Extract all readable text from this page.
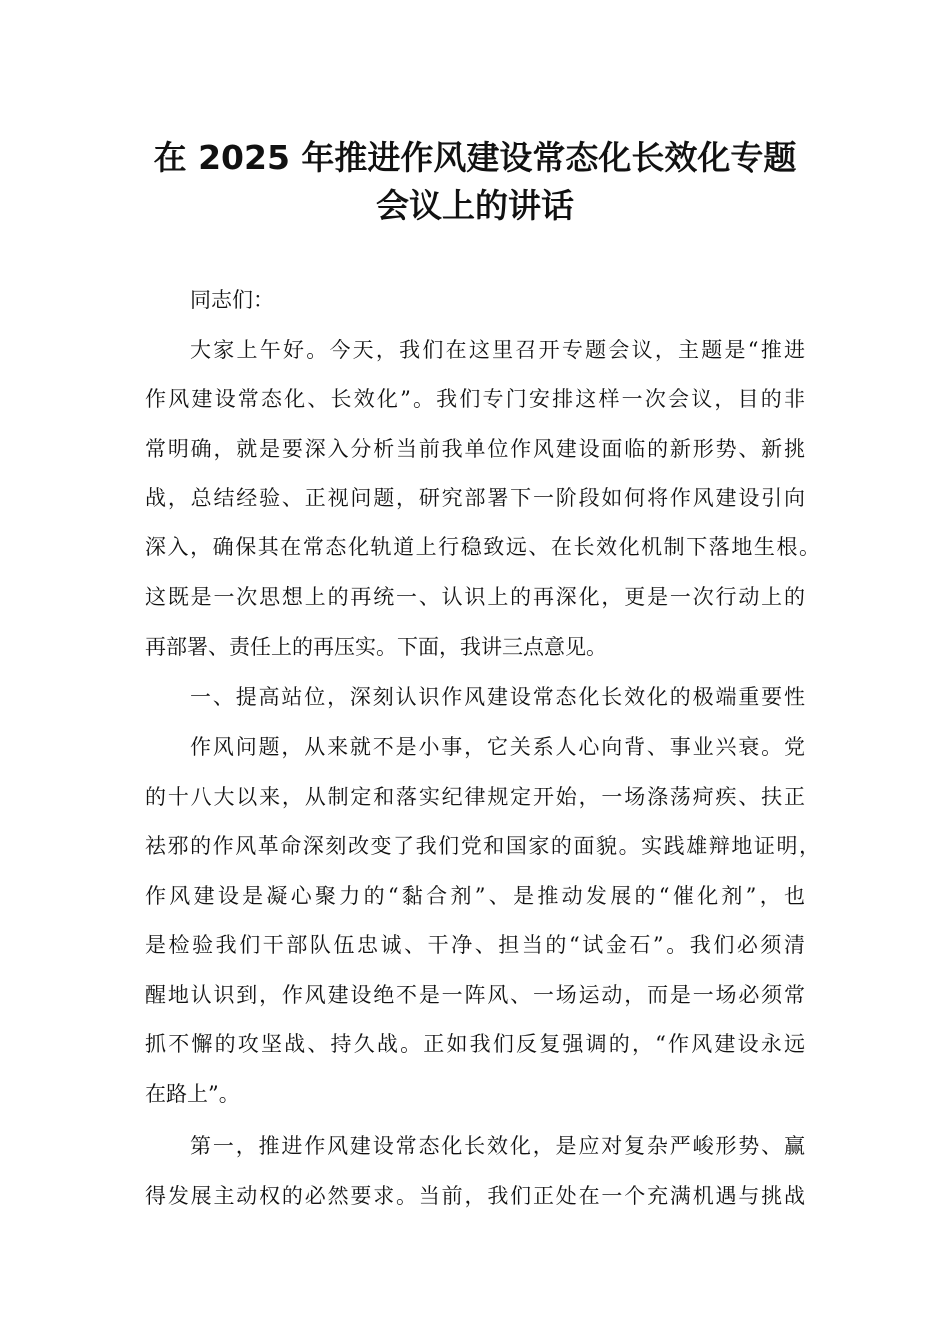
在 2025 年推进作风建设常态化长效化专题
会议上的讲话
同志们：
大家上午好。今天，我们在这里召开专题会议，主题是“推进
作风建设常态化、长效化”。我们专门安排这样一次会议，目的非
常明确，就是要深入分析当前我单位作风建设面临的新形势、新挑
战，总结经验、正视问题，研究部署下一阶段如何将作风建设引向
深入，确保其在常态化轨道上行稳致远、在长效化机制下落地生根。
这既是一次思想上的再统一、认识上的再深化，更是一次行动上的
再部署、责任上的再压实。下面，我讲三点意见。
一、提高站位，深刻认识作风建设常态化长效化的极端重要性
作风问题，从来就不是小事，它关系人心向背、事业兴衰。党
的十八大以来，从制定和落实纪律规定开始，一场涤荡疴疾、扶正
祛邪的作风革命深刻改变了我们党和国家的面貌。实践雄辩地证明，
作风建设是凝心聚力的“黏合剂”、是推动发展的“催化剂”，也
是检验我们干部队伍忠诚、干净、担当的“试金石”。我们必须清
醒地认识到，作风建设绝不是一阵风、一场运动，而是一场必须常
抓不懈的攻坚战、持久战。正如我们反复强调的，“作风建设永远
在路上”。
第一，推进作风建设常态化长效化，是应对复杂严峻形势、赢
得发展主动权的必然要求。当前，我们正处在一个充满机遇与挑战
